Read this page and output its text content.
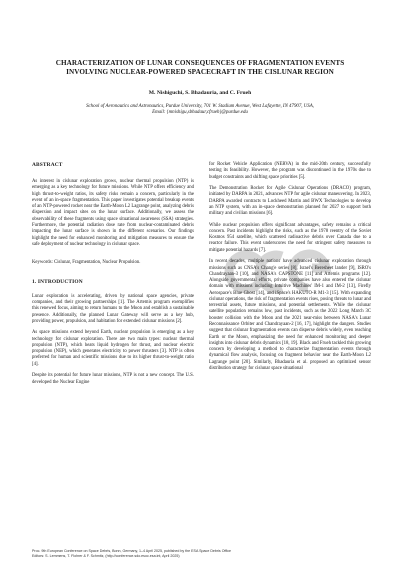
CHARACTERIZATION OF LUNAR CONSEQUENCES OF FRAGMENTATION EVENTS INVOLVING NUCLEAR-POWERED SPACECRAFT IN THE CISLUNAR REGION
M. Nishiguchi, S. Bhadauria, and C. Frueh
School of Aeronautics and Astronautics, Purdue University, 701 W. Stadium Avenue, West Lafayette, IN 47907, USA,
Email: {mnishigu,sbhadaur,cfrueh}@purdue.edu
ABSTRACT

As interest in cislunar exploration grows, nuclear thermal propulsion (NTP) is emerging as a key technology for future missions. While NTP offers efficiency and high thrust-to-weight ratios, its safety risks remain a concern, particularly in the event of an in-space fragmentation. This paper investigates potential breakup events of an NTP-powered rocket near the Earth-Moon L2 Lagrange point, analyzing debris dispersion and impact sites on the lunar surface. Additionally, we assess the observability of these fragments using space situational awareness (SSA) strategies. Furthermore, the potential radiation dose rate from nuclear-contaminated debris impacting the lunar surface is shown in the different scenarios. Our findings highlight the need for enhanced monitoring and mitigation measures to ensure the safe deployment of nuclear technology in cislunar space.

Keywords: Cislunar, Fragmentation, Nuclear Propulsion.

1. INTRODUCTION

Lunar exploration is accelerating, driven by national space agencies, private companies, and their growing partnerships [1]. The Artemis program exemplifies this renewed focus, aiming to return humans to the Moon and establish a sustainable presence. Additionally, the planned Lunar Gateway will serve as a key hub, providing power, propulsion, and habitation for extended cislunar missions [2].

As space missions extend beyond Earth, nuclear propulsion is emerging as a key technology for cislunar exploration. There are two main types: nuclear thermal propulsion (NTP), which heats liquid hydrogen for thrust, and nuclear electric propulsion (NEP), which generates electricity to power thrusters [3]. NTP is often preferred for human and scientific missions due to its higher thrust-to-weight ratio [4].

Despite its potential for future lunar missions, NTP is not a new concept. The U.S. developed the Nuclear Engine

for Rocket Vehicle Application (NERVA) in the mid-20th century, successfully testing its feasibility. However, the program was discontinued in the 1970s due to budget constraints and shifting space priorities [5].

The Demonstration Rocket for Agile Cislunar Operations (DRACO) program, initiated by DARPA in 2021, advances NTP for agile cislunar maneuvering. In 2023, DARPA awarded contracts to Lockheed Martin and BWX Technologies to develop an NTP system, with an in-space demonstration planned for 2027 to support both military and civilian missions [6].

While nuclear propulsion offers significant advantages, safety remains a critical concern. Past incidents highlight the risks, such as the 1978 reentry of the Soviet Kosmos 954 satellite, which scattered radioactive debris over Canada due to a reactor failure. This event underscores the need for stringent safety measures to mitigate potential hazards [7].

In recent decades, multiple nations have advanced cislunar exploration through missions such as CNSA's Chang'e series [8], Israel's Beresheet lander [9], ISRO's Chandrayaan-3 [10], and NASA's CAPSTONE [11] and Artemis programs [12]. Alongside governmental efforts, private companies have also entered the cislunar domain with missions including Intuitive Machines' IM-1 and IM-2 [13], Firefly Aerospace's Blue Ghost [14], and iSpace's HAKUTO-R M1-3 [15]. With expanding cislunar operations, the risk of fragmentation events rises, posing threats to lunar and terrestrial assets, future missions, and potential settlements. While the cislunar satellite population remains low, past incidents, such as the 2022 Long March 3C booster collision with the Moon and the 2021 near-miss between NASA's Lunar Reconnaissance Orbiter and Chandrayaan-2 [16, 17], highlight the dangers. Studies suggest that cislunar fragmentation events can disperse debris widely, even reaching Earth or the Moon, emphasizing the need for enhanced monitoring and deeper insights into cislunar debris dynamics [18, 19]. Black and Frueh tackled this growing concern by developing a method to characterize fragmentation events through dynamical flow analysis, focusing on fragment behavior near the Earth-Moon L2 Lagrange point [20]. Similarly, Bhadauria et al. proposed an optimized sensor distribution strategy for cislunar space situational

Proc. 9th European Conference on Space Debris, Bonn, Germany, 1–4 April 2025, published by the ESA Space Debris Office
Editors: S. Lemmens, T. Flohrer & F. Schmitz, (http://conference.sdo.esoc.esa.int, April 2025)
